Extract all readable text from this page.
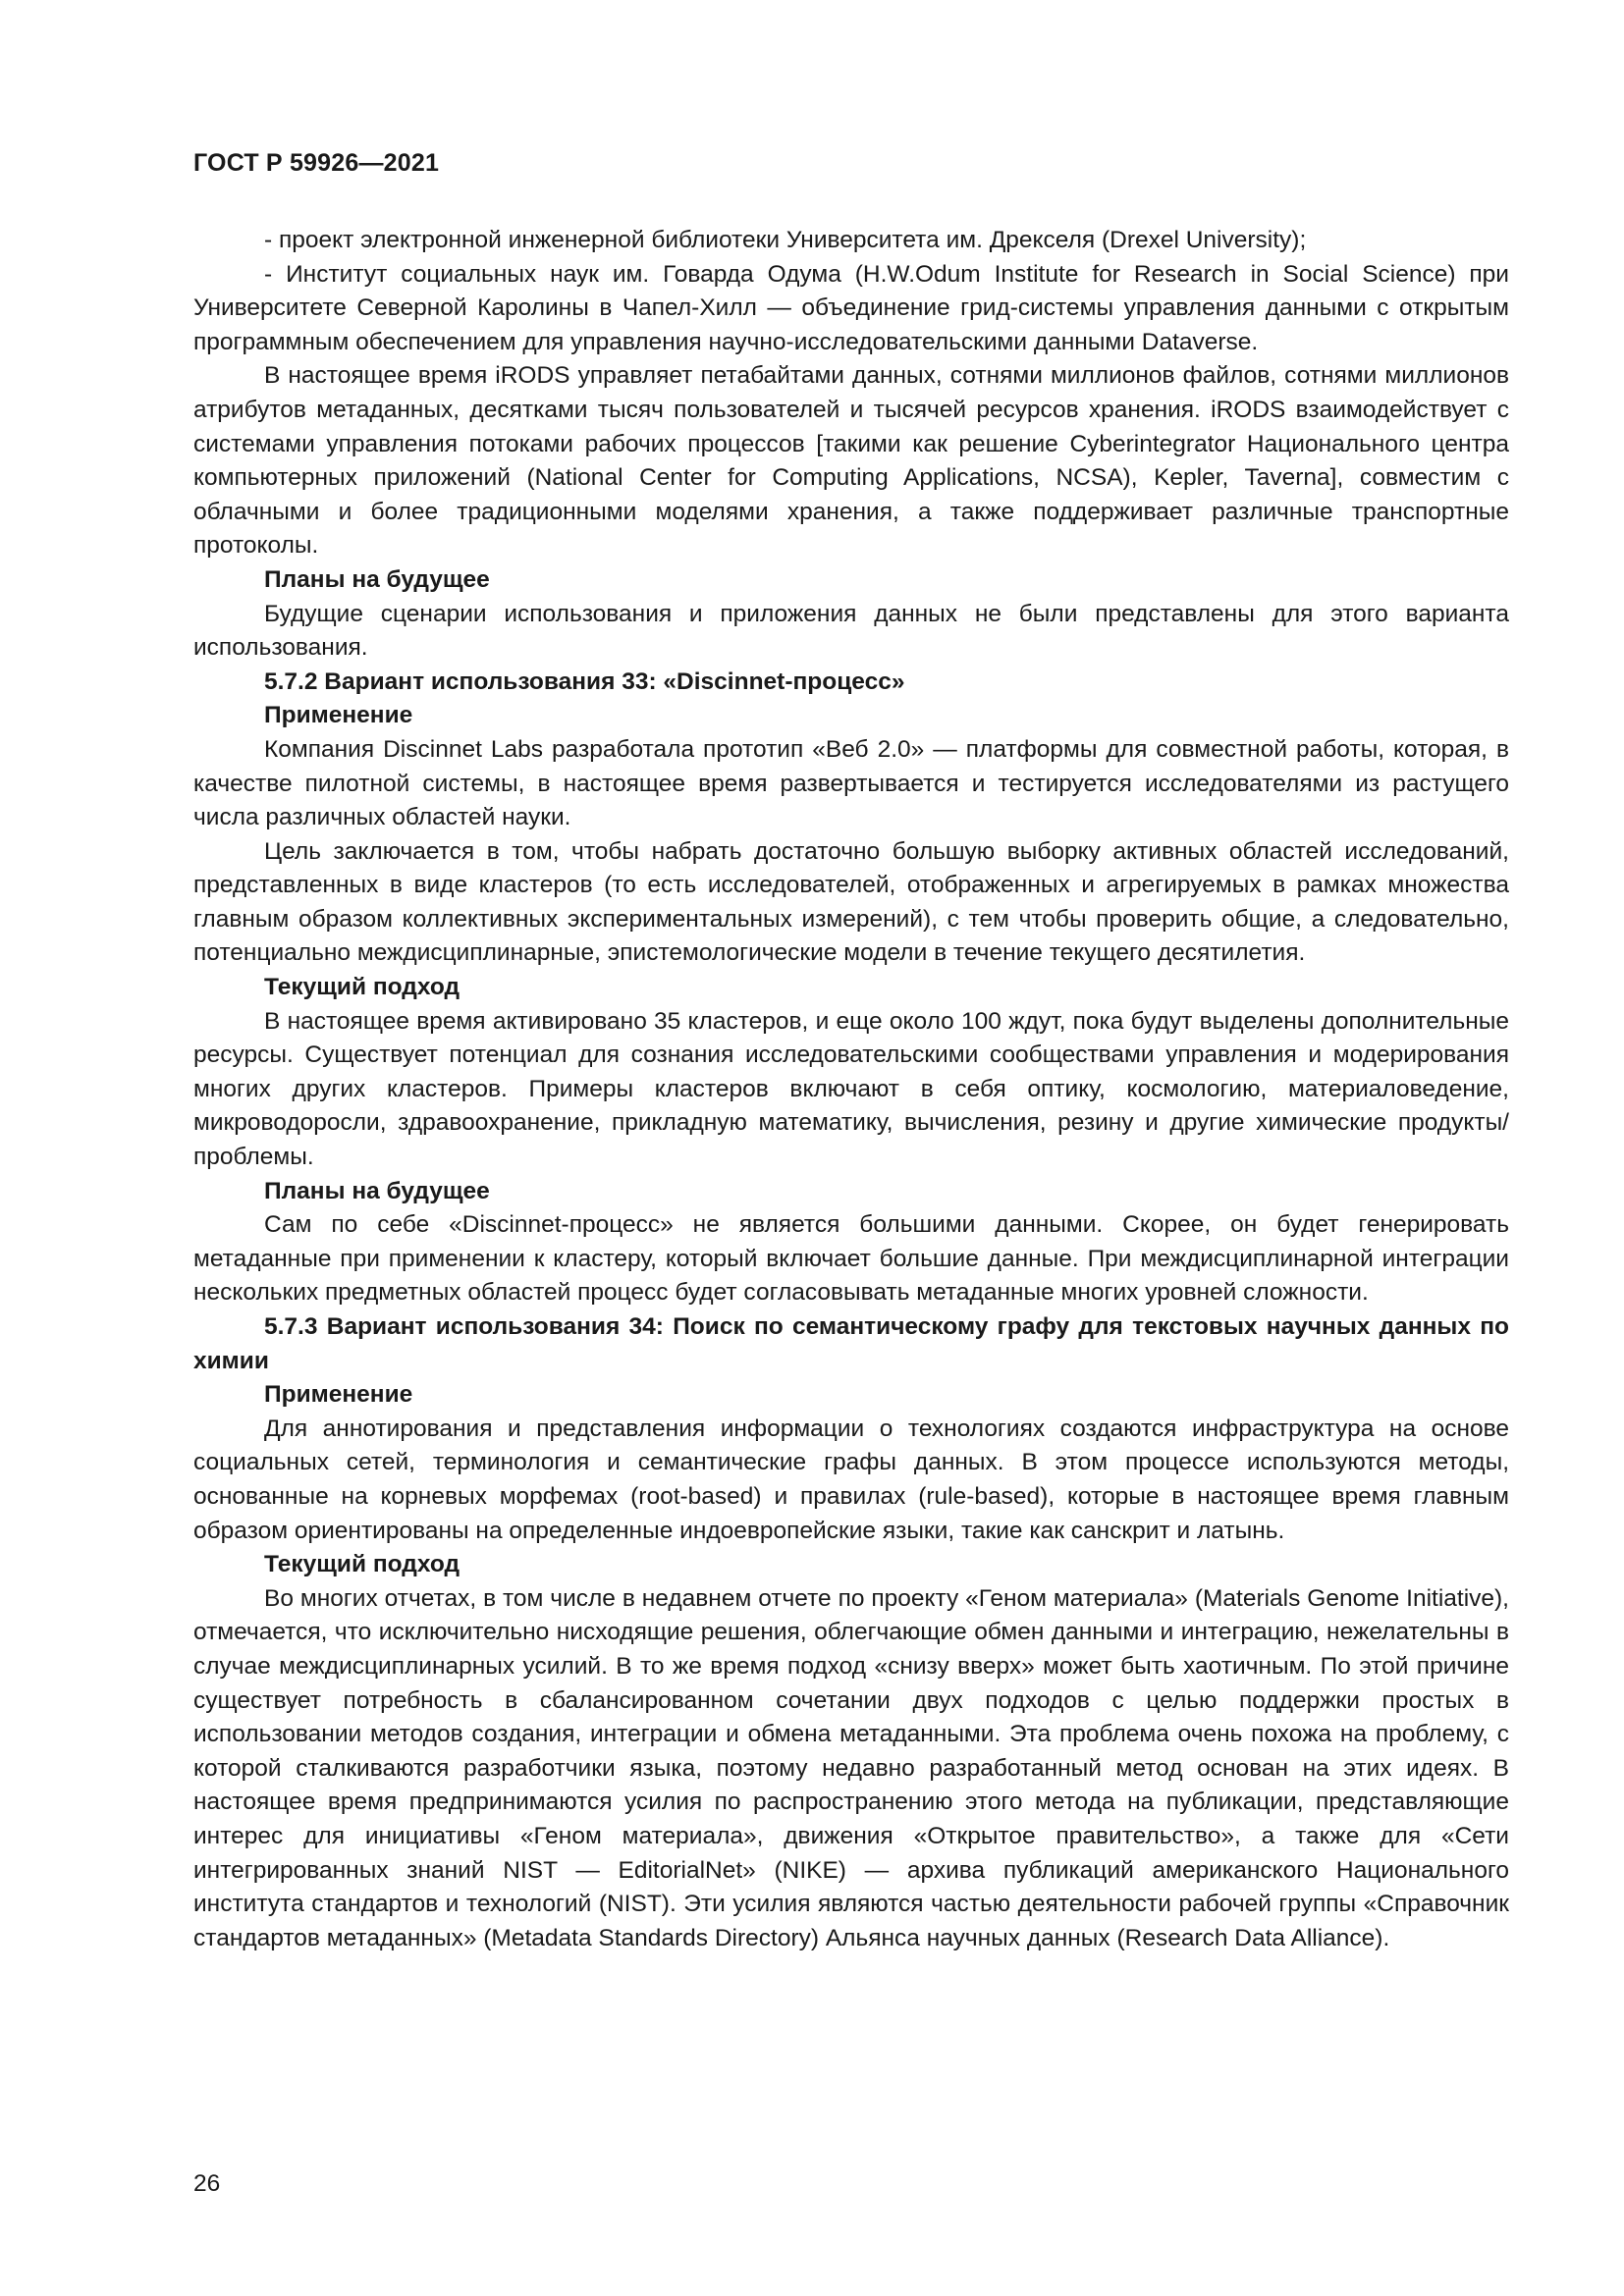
ГОСТ Р 59926—2021

- проект электронной инженерной библиотеки Университета им. Дрекселя (Drexel University);

- Институт социальных наук им. Говарда Одума (H.W.Odum Institute for Research in Social Science) при Университете Северной Каролины в Чапел-Хилл — объединение грид-системы управления данными с открытым программным обеспечением для управления научно-исследовательскими данными Dataverse.

В настоящее время iRODS управляет петабайтами данных, сотнями миллионов файлов, сотнями миллионов атрибутов метаданных, десятками тысяч пользователей и тысячей ресурсов хранения. iRODS взаимодействует с системами управления потоками рабочих процессов [такими как решение Cyberintegrator Национального центра компьютерных приложений (National Center for Computing Applications, NCSA), Kepler, Taverna], совместим с облачными и более традиционными моделями хранения, а также поддерживает различные транспортные протоколы.

Планы на будущее

Будущие сценарии использования и приложения данных не были представлены для этого варианта использования.

5.7.2 Вариант использования 33: «Discinnet-процесс»

Применение

Компания Discinnet Labs разработала прототип «Веб 2.0» — платформы для совместной работы, которая, в качестве пилотной системы, в настоящее время развертывается и тестируется исследователями из растущего числа различных областей науки.

Цель заключается в том, чтобы набрать достаточно большую выборку активных областей исследований, представленных в виде кластеров (то есть исследователей, отображенных и агрегируемых в рамках множества главным образом коллективных экспериментальных измерений), с тем чтобы проверить общие, а следовательно, потенциально междисциплинарные, эпистемологические модели в течение текущего десятилетия.

Текущий подход

В настоящее время активировано 35 кластеров, и еще около 100 ждут, пока будут выделены дополнительные ресурсы. Существует потенциал для сознания исследовательскими сообществами управления и модерирования многих других кластеров. Примеры кластеров включают в себя оптику, космологию, материаловедение, микроводоросли, здравоохранение, прикладную математику, вычисления, резину и другие химические продукты/проблемы.

Планы на будущее

Сам по себе «Discinnet-процесс» не является большими данными. Скорее, он будет генерировать метаданные при применении к кластеру, который включает большие данные. При междисциплинарной интеграции нескольких предметных областей процесс будет согласовывать метаданные многих уровней сложности.

5.7.3 Вариант использования 34: Поиск по семантическому графу для текстовых научных данных по химии

Применение

Для аннотирования и представления информации о технологиях создаются инфраструктура на основе социальных сетей, терминология и семантические графы данных. В этом процессе используются методы, основанные на корневых морфемах (root-based) и правилах (rule-based), которые в настоящее время главным образом ориентированы на определенные индоевропейские языки, такие как санскрит и латынь.

Текущий подход

Во многих отчетах, в том числе в недавнем отчете по проекту «Геном материала» (Materials Genome Initiative), отмечается, что исключительно нисходящие решения, облегчающие обмен данными и интеграцию, нежелательны в случае междисциплинарных усилий. В то же время подход «снизу вверх» может быть хаотичным. По этой причине существует потребность в сбалансированном сочетании двух подходов с целью поддержки простых в использовании методов создания, интеграции и обмена метаданными. Эта проблема очень похожа на проблему, с которой сталкиваются разработчики языка, поэтому недавно разработанный метод основан на этих идеях. В настоящее время предпринимаются усилия по распространению этого метода на публикации, представляющие интерес для инициативы «Геном материала», движения «Открытое правительство», а также для «Сети интегрированных знаний NIST — EditorialNet» (NIKE) — архива публикаций американского Национального института стандартов и технологий (NIST). Эти усилия являются частью деятельности рабочей группы «Справочник стандартов метаданных» (Metadata Standards Directory) Альянса научных данных (Research Data Alliance).

26
